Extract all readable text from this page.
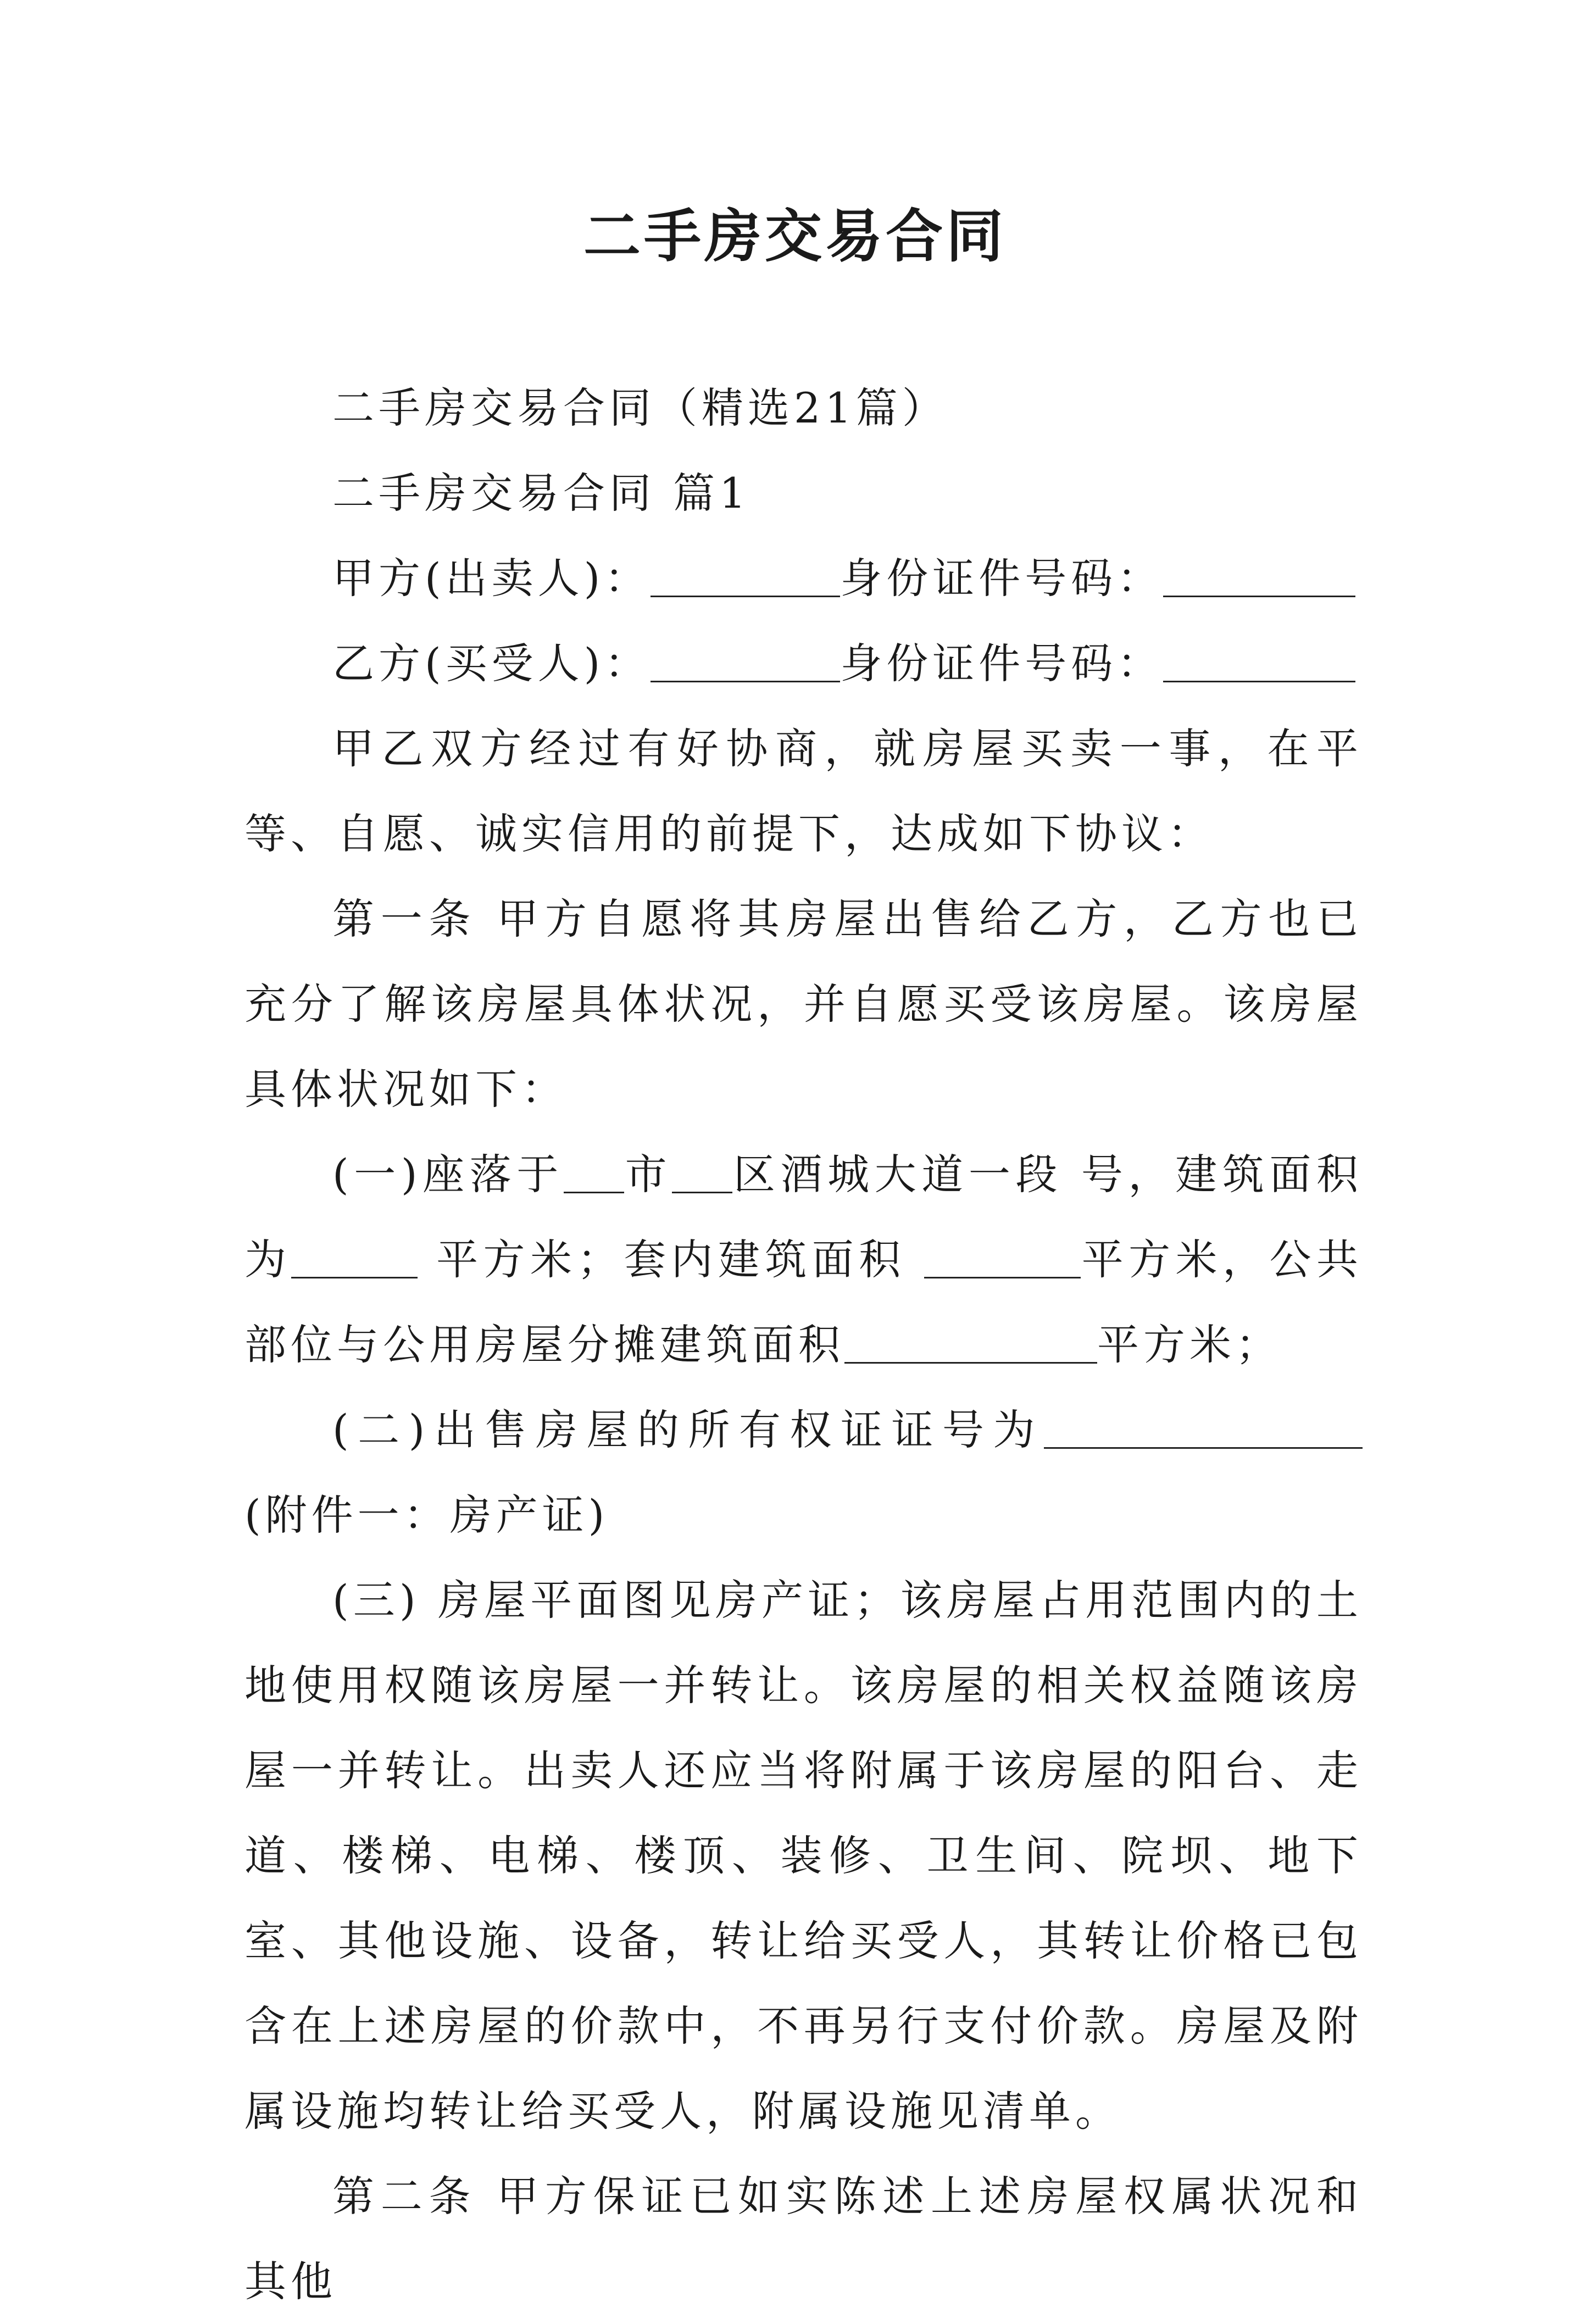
二手房交易合同

二手房交易合同（精选21篇）

二手房交易合同 篇1

甲方(出卖人)：	身份证件号码：

乙方(买受人)：	身份证件号码：

甲乙双方经过有好协商，就房屋买卖一事，在平等、自愿、诚实信用的前提下，达成如下协议：

第一条 甲方自愿将其房屋出售给乙方，乙方也已充分了解该房屋具体状况，并自愿买受该房屋。该房屋具体状况如下：

(一)座落于 市 区酒城大道一段 号，建筑面积为	平方米；套内建筑面积	平方米，公共部位与公用房屋分摊建筑面积	平方米；

(二)出售房屋的所有权证证号为 (附件一：房产证)

(三) 房屋平面图见房产证；该房屋占用范围内的土地使用权随该房屋一并转让。该房屋的相关权益随该房屋一并转让。出卖人还应当将附属于该房屋的阳台、走道、楼梯、电梯、楼顶、装修、卫生间、院坝、地下室、其他设施、设备，转让给买受人，其转让价格已包含在上述房屋的价款中，不再另行支付价款。房屋及附属设施均转让给买受人，附属设施见清单。

第二条 甲方保证已如实陈述上述房屋权属状况和其他
